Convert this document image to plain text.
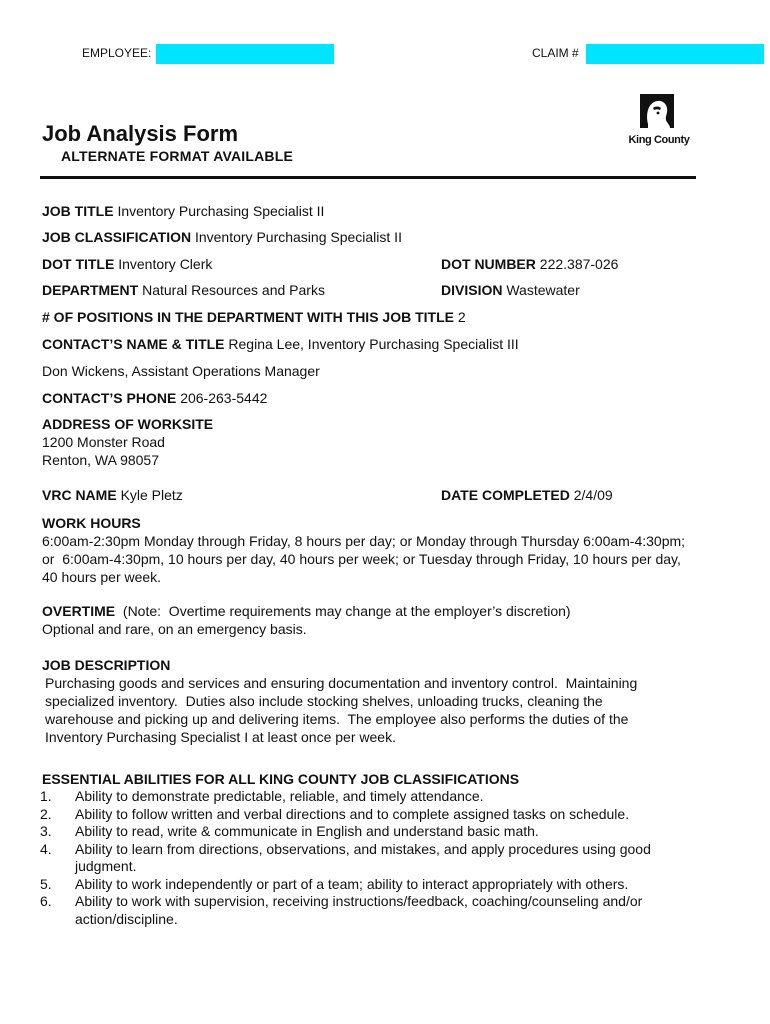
EMPLOYEE:	CLAIM #
Job Analysis Form
ALTERNATE FORMAT AVAILABLE
King County
JOB TITLE Inventory Purchasing Specialist II
JOB CLASSIFICATION Inventory Purchasing Specialist II
DOT TITLE Inventory Clerk	DOT NUMBER 222.387-026
DEPARTMENT Natural Resources and Parks	DIVISION Wastewater
# OF POSITIONS IN THE DEPARTMENT WITH THIS JOB TITLE 2
CONTACT’S NAME & TITLE Regina Lee, Inventory Purchasing Specialist III
Don Wickens, Assistant Operations Manager
CONTACT’S PHONE 206-263-5442
ADDRESS OF WORKSITE
1200 Monster Road
Renton, WA 98057
VRC NAME Kyle Pletz	DATE COMPLETED 2/4/09
WORK HOURS
6:00am-2:30pm Monday through Friday, 8 hours per day; or Monday through Thursday 6:00am-4:30pm;
or  6:00am-4:30pm, 10 hours per day, 40 hours per week; or Tuesday through Friday, 10 hours per day,
40 hours per week.
OVERTIME  (Note:  Overtime requirements may change at the employer’s discretion)
Optional and rare, on an emergency basis.
JOB DESCRIPTION
Purchasing goods and services and ensuring documentation and inventory control.  Maintaining
specialized inventory.  Duties also include stocking shelves, unloading trucks, cleaning the
warehouse and picking up and delivering items.  The employee also performs the duties of the
Inventory Purchasing Specialist I at least once per week.
ESSENTIAL ABILITIES FOR ALL KING COUNTY JOB CLASSIFICATIONS
1. Ability to demonstrate predictable, reliable, and timely attendance.
2. Ability to follow written and verbal directions and to complete assigned tasks on schedule.
3. Ability to read, write & communicate in English and understand basic math.
4. Ability to learn from directions, observations, and mistakes, and apply procedures using good
judgment.
5. Ability to work independently or part of a team; ability to interact appropriately with others.
6. Ability to work with supervision, receiving instructions/feedback, coaching/counseling and/or
action/discipline.
